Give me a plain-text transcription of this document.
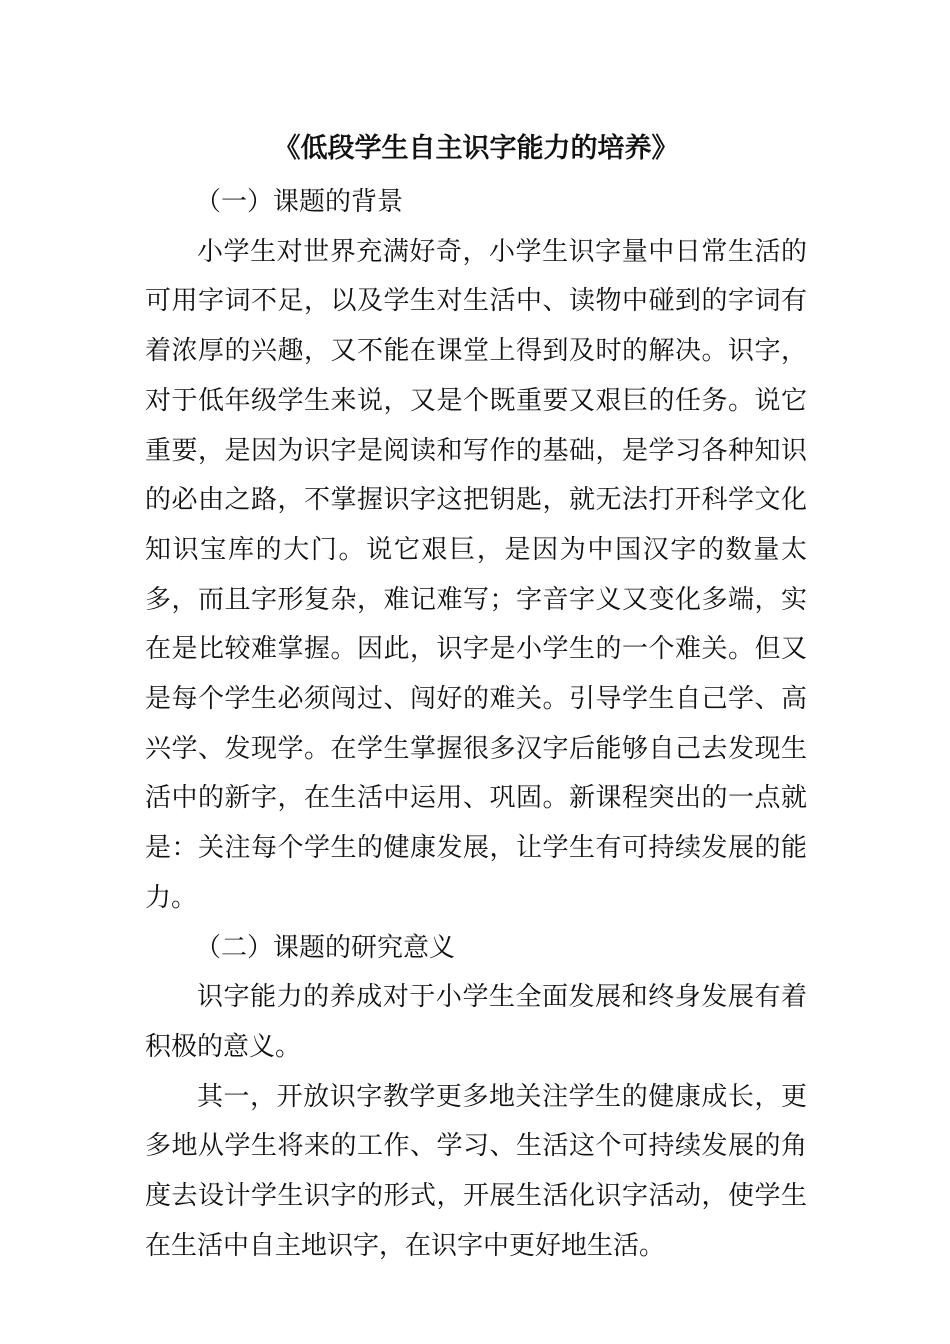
《低段学生自主识字能力的培养》
（一）课题的背景

小学生对世界充满好奇，小学生识字量中日常生活的可用字词不足，以及学生对生活中、读物中碰到的字词有着浓厚的兴趣，又不能在课堂上得到及时的解决。识字，对于低年级学生来说，又是个既重要又艰巨的任务。说它重要，是因为识字是阅读和写作的基础，是学习各种知识的必由之路，不掌握识字这把钥匙，就无法打开科学文化知识宝库的大门。说它艰巨，是因为中国汉字的数量太多，而且字形复杂，难记难写；字音字义又变化多端，实在是比较难掌握。因此，识字是小学生的一个难关。但又是每个学生必须闯过、闯好的难关。引导学生自己学、高兴学、发现学。在学生掌握很多汉字后能够自己去发现生活中的新字，在生活中运用、巩固。新课程突出的一点就是：关注每个学生的健康发展，让学生有可持续发展的能力。

（二）课题的研究意义

识字能力的养成对于小学生全面发展和终身发展有着积极的意义。

其一，开放识字教学更多地关注学生的健康成长，更多地从学生将来的工作、学习、生活这个可持续发展的角度去设计学生识字的形式，开展生活化识字活动，使学生在生活中自主地识字，在识字中更好地生活。
